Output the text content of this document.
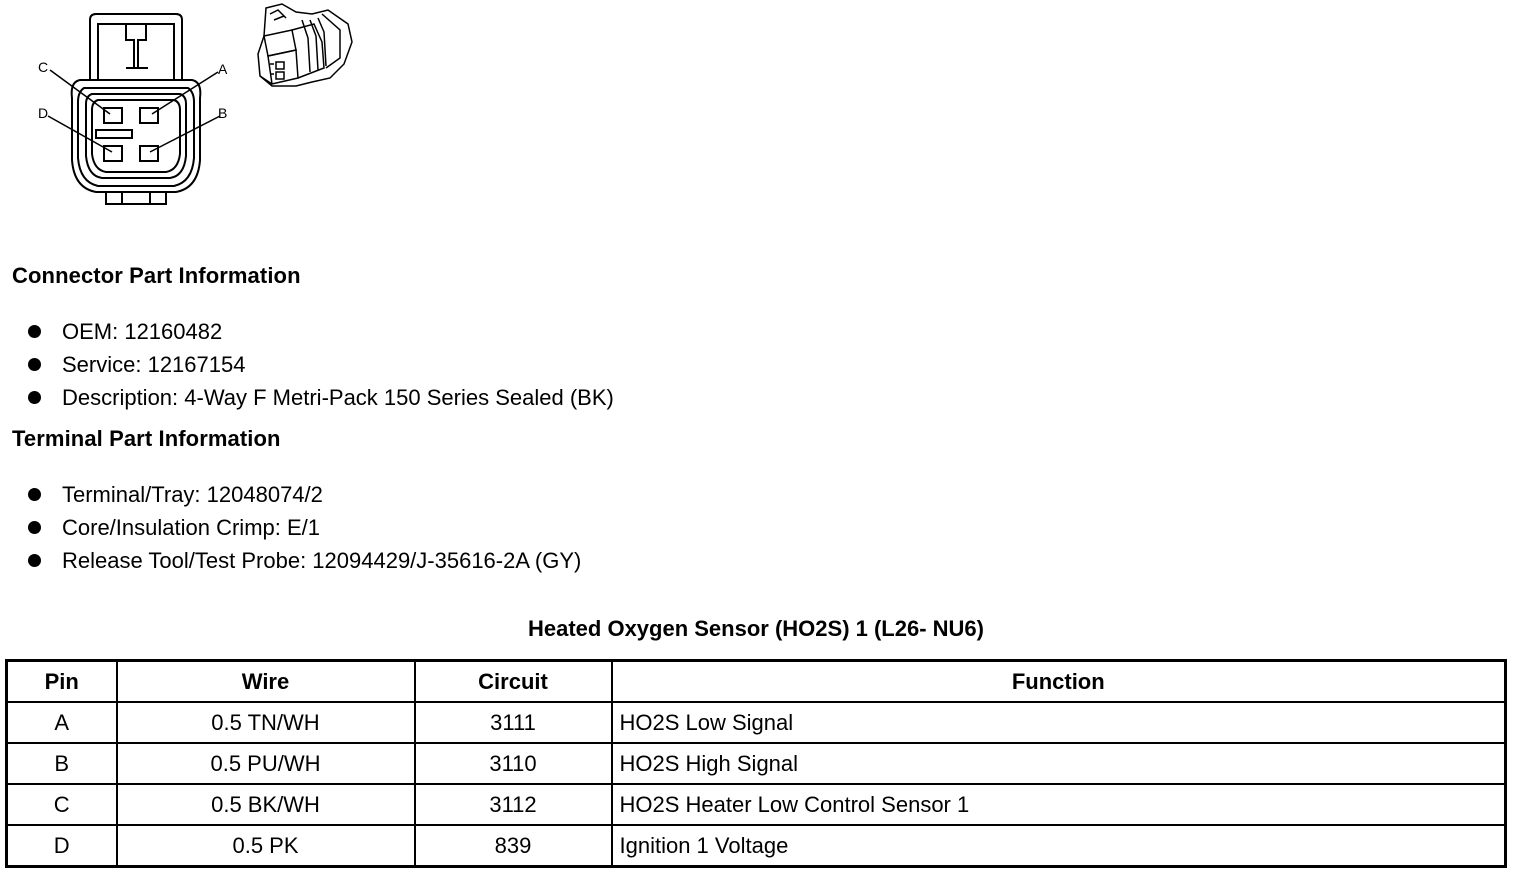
C	A
D	B
Connector Part Information
OEM: 12160482
Service: 12167154
Description: 4-Way F Metri-Pack 150 Series Sealed (BK)
Terminal Part Information
Terminal/Tray: 12048074/2
Core/Insulation Crimp: E/1
Release Tool/Test Probe: 12094429/J-35616-2A (GY)
Heated Oxygen Sensor (HO2S) 1 (L26- NU6)
Pin	Wire	Circuit	Function
A	0.5 TN/WH	3111	HO2S Low Signal
B	0.5 PU/WH	3110	HO2S High Signal
C	0.5 BK/WH	3112	HO2S Heater Low Control Sensor 1
D	0.5 PK	839	Ignition 1 Voltage
